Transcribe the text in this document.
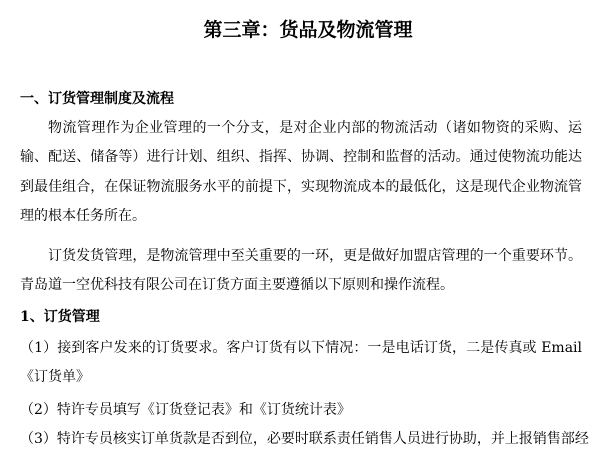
第三章：货品及物流管理
一、订货管理制度及流程

物流管理作为企业管理的一个分支，是对企业内部的物流活动（诸如物资的采购、运输、配送、储备等）进行计划、组织、指挥、协调、控制和监督的活动。通过使物流功能达到最佳组合，在保证物流服务水平的前提下，实现物流成本的最低化，这是现代企业物流管理的根本任务所在。

订货发货管理，是物流管理中至关重要的一环，更是做好加盟店管理的一个重要环节。青岛道一空优科技有限公司在订货方面主要遵循以下原则和操作流程。

1、订货管理

（1）接到客户发来的订货要求。客户订货有以下情况：一是电话订货，二是传真或 Email《订货单》

（2）特许专员填写《订货登记表》和《订货统计表》

（3）特许专员核实订单货款是否到位，必要时联系责任销售人员进行协助，并上报销售部经
